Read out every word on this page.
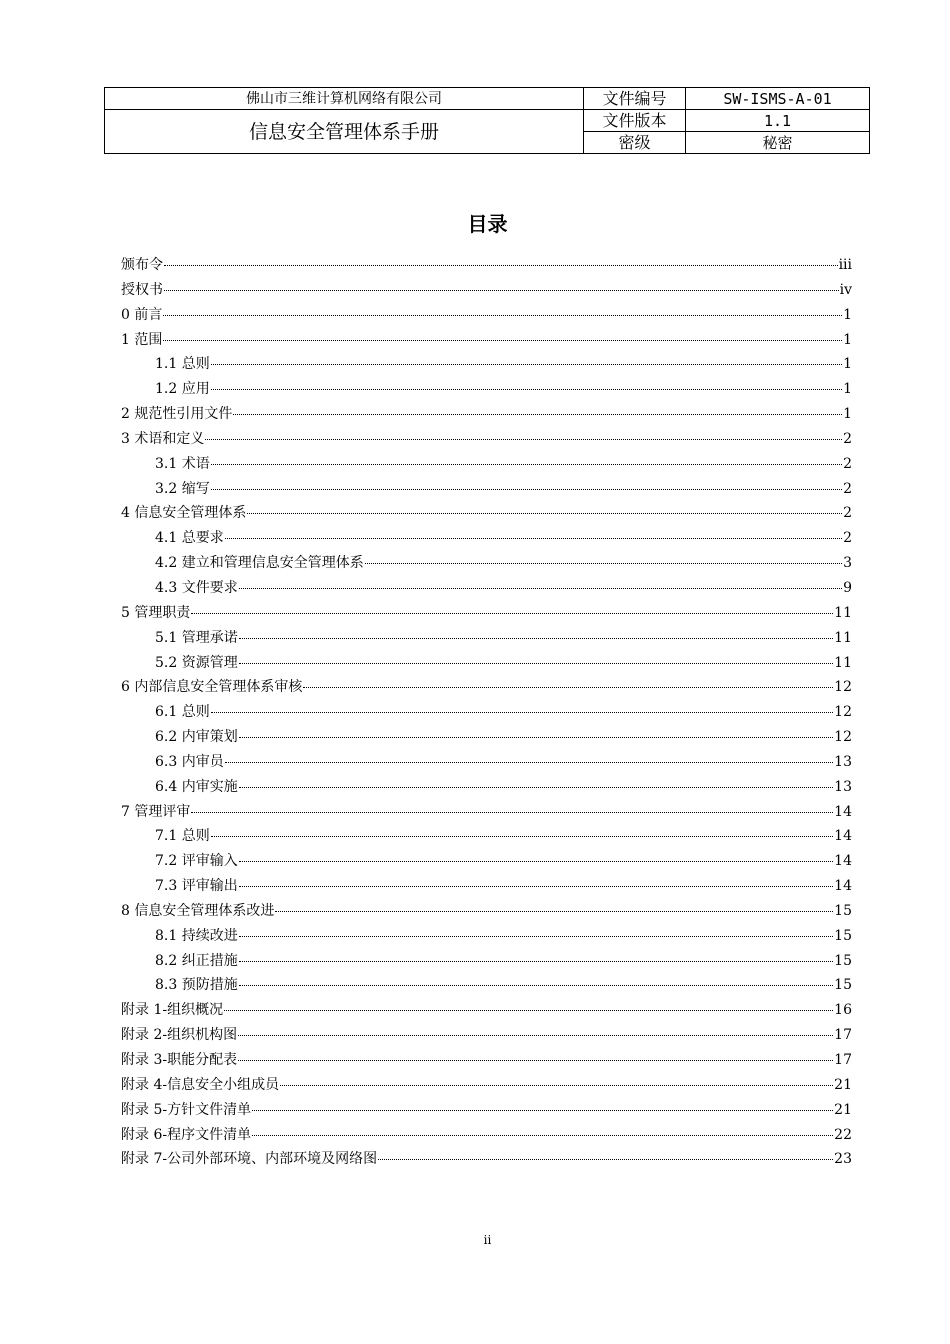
佛山市三维计算机网络有限公司	文件编号	SW-ISMS-A-01
信息安全管理体系手册	文件版本	1.1
	密级	秘密
目录
颁布令	iii
授权书	iv
0 前言	1
1 范围	1
1.1 总则	1
1.2 应用	1
2 规范性引用文件	1
3 术语和定义	2
3.1 术语	2
3.2 缩写	2
4 信息安全管理体系	2
4.1 总要求	2
4.2 建立和管理信息安全管理体系	3
4.3 文件要求	9
5 管理职责	11
5.1 管理承诺	11
5.2 资源管理	11
6 内部信息安全管理体系审核	12
6.1 总则	12
6.2 内审策划	12
6.3 内审员	13
6.4 内审实施	13
7 管理评审	14
7.1 总则	14
7.2 评审输入	14
7.3 评审输出	14
8 信息安全管理体系改进	15
8.1 持续改进	15
8.2 纠正措施	15
8.3 预防措施	15
附录 1-组织概况	16
附录 2-组织机构图	17
附录 3-职能分配表	17
附录 4-信息安全小组成员	21
附录 5-方针文件清单	21
附录 6-程序文件清单	22
附录 7-公司外部环境、内部环境及网络图	23
ii
